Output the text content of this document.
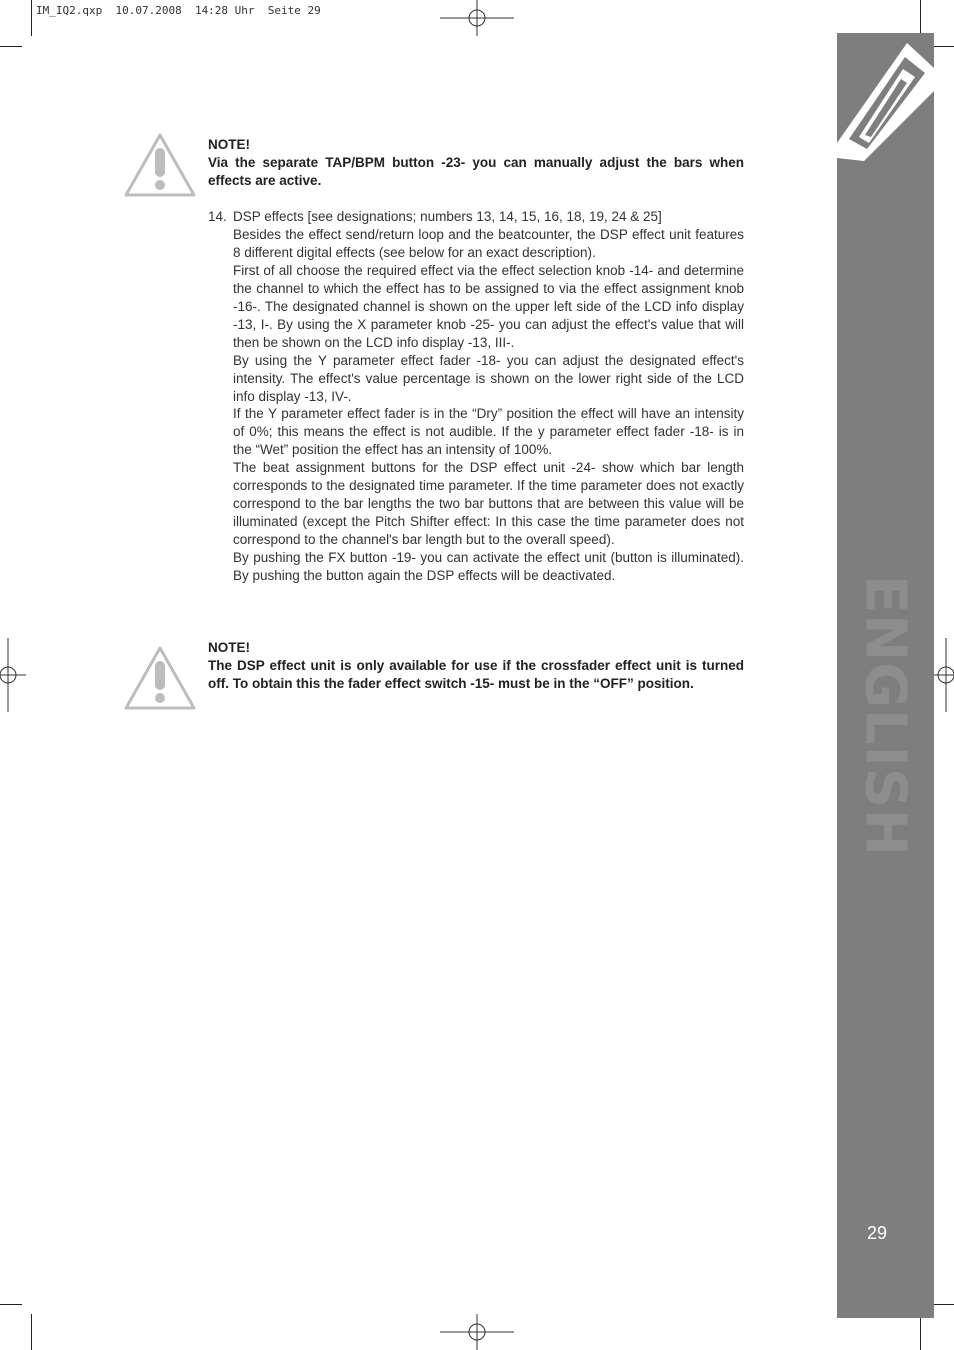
IM_IQ2.qxp  10.07.2008  14:28 Uhr  Seite 29
ENGLISH
29
NOTE!
Via the separate TAP/BPM button -23- you can manually adjust the bars when effects are active.
14. DSP effects [see designations; numbers 13, 14, 15, 16, 18, 19, 24 & 25]

Besides the effect send/return loop and the beatcounter, the DSP effect unit features 8 different digital effects (see below for an exact description).

First of all choose the required effect via the effect selection knob -14- and determine the channel to which the effect has to be assigned to via the effect assignment knob -16-. The designated channel is shown on the upper left side of the LCD info display -13, I-. By using the X parameter knob -25- you can adjust the effect's value that will then be shown on the LCD info display -13, III-.

By using the Y parameter effect fader -18- you can adjust the designated effect's intensity. The effect's value percentage is shown on the lower right side of the LCD info display -13, IV-.

If the Y parameter effect fader is in the “Dry” position the effect will have an intensity of 0%; this means the effect is not audible. If the y parameter effect fader -18- is in the “Wet” position the effect has an intensity of 100%.

The beat assignment buttons for the DSP effect unit -24- show which bar length corresponds to the designated time parameter. If the time parameter does not exactly correspond to the bar lengths the two bar buttons that are between this value will be illuminated (except the Pitch Shifter effect: In this case the time parameter does not correspond to the channel's bar length but to the overall speed).

By pushing the FX button -19- you can activate the effect unit (button is illuminated). By pushing the button again the DSP effects will be deactivated.

NOTE!
The DSP effect unit is only available for use if the crossfader effect unit is turned off. To obtain this the fader effect switch -15- must be in the “OFF” position.
